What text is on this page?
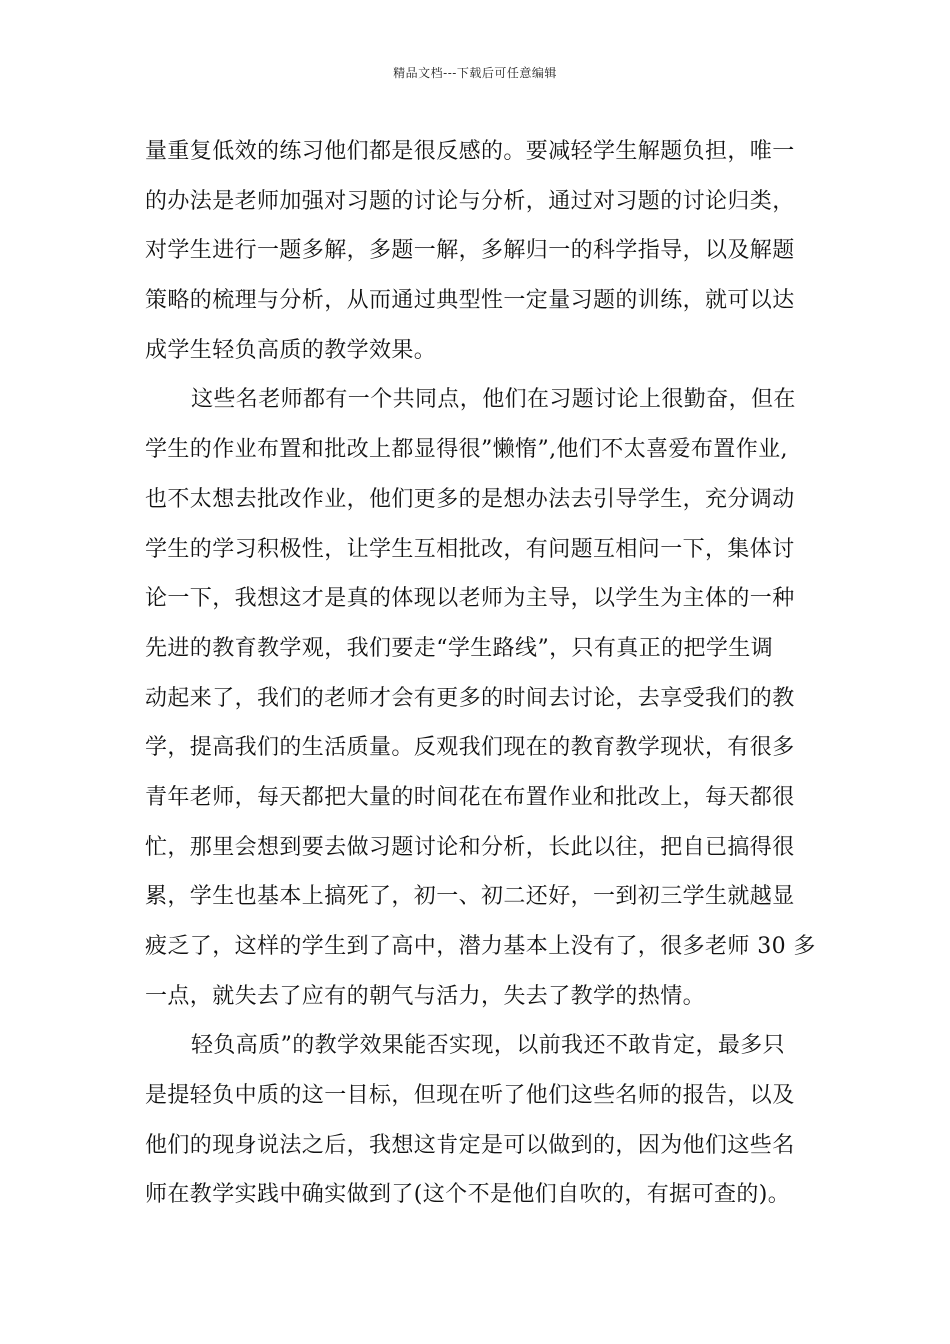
精品文档---下载后可任意编辑
量重复低效的练习他们都是很反感的。要减轻学生解题负担，唯一
的办法是老师加强对习题的讨论与分析，通过对习题的讨论归类，
对学生进行一题多解，多题一解，多解归一的科学指导，以及解题
策略的梳理与分析，从而通过典型性一定量习题的训练，就可以达
成学生轻负高质的教学效果。
这些名老师都有一个共同点，他们在习题讨论上很勤奋，但在
学生的作业布置和批改上都显得很”懒惰”,他们不太喜爱布置作业,
也不太想去批改作业，他们更多的是想办法去引导学生，充分调动
学生的学习积极性，让学生互相批改，有问题互相问一下，集体讨
论一下，我想这才是真的体现以老师为主导，以学生为主体的一种
先进的教育教学观，我们要走“学生路线”，只有真正的把学生调
动起来了，我们的老师才会有更多的时间去讨论，去享受我们的教
学，提高我们的生活质量。反观我们现在的教育教学现状，有很多
青年老师，每天都把大量的时间花在布置作业和批改上，每天都很
忙，那里会想到要去做习题讨论和分析，长此以往，把自已搞得很
累，学生也基本上搞死了，初一、初二还好，一到初三学生就越显
疲乏了，这样的学生到了高中，潜力基本上没有了，很多老师 30 多
一点，就失去了应有的朝气与活力，失去了教学的热情。
轻负高质”的教学效果能否实现，以前我还不敢肯定，最多只
是提轻负中质的这一目标，但现在听了他们这些名师的报告，以及
他们的现身说法之后，我想这肯定是可以做到的，因为他们这些名
师在教学实践中确实做到了(这个不是他们自吹的，有据可查的)。
